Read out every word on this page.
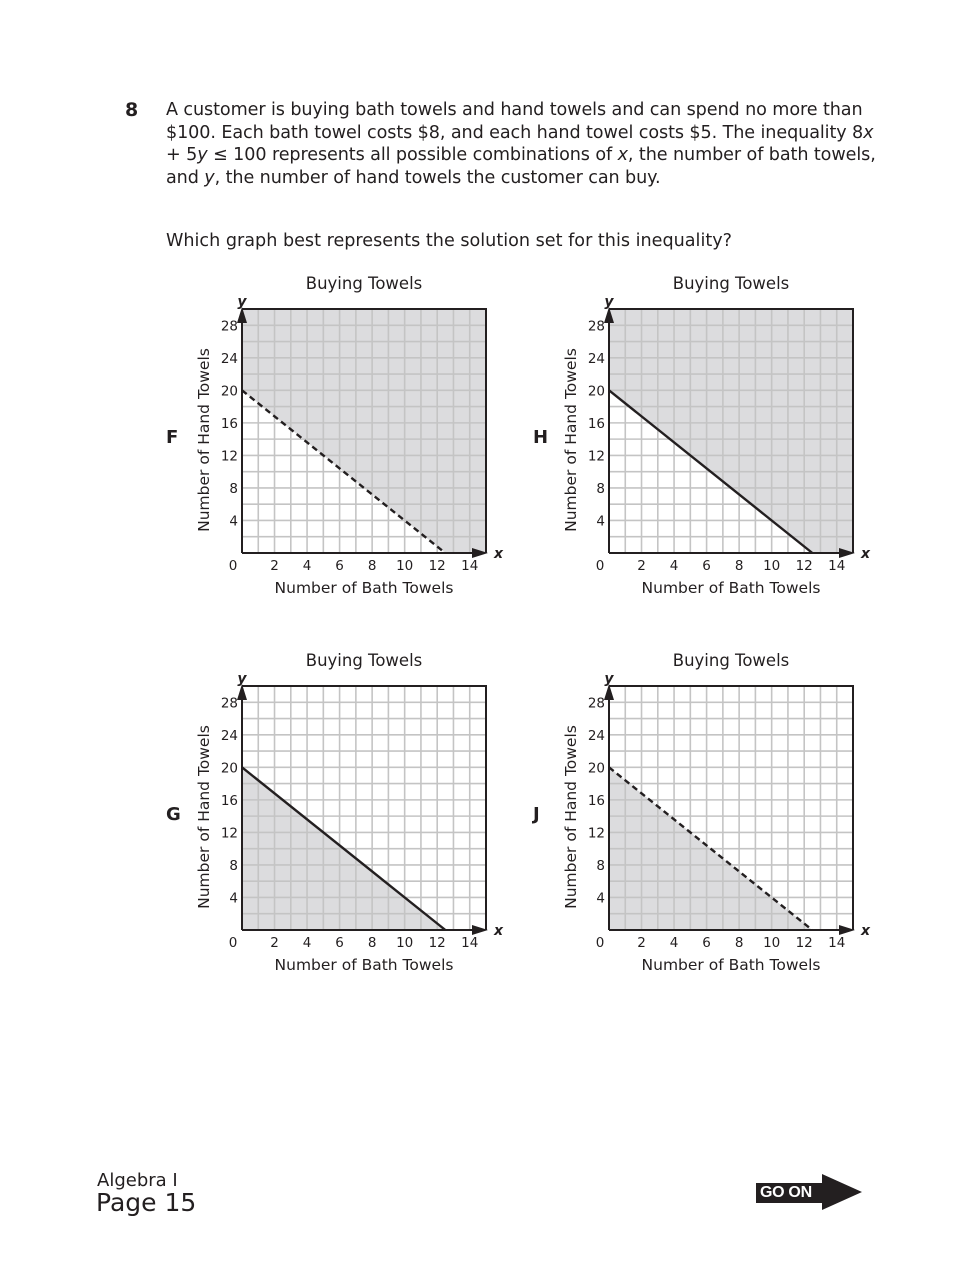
8 A customer is buying bath towels and hand towels and can spend no more than $100. Each bath towel costs $8, and each hand towel costs $5. The inequality 8x + 5y ≤ 100 represents all possible combinations of x, the number of bath towels, and y, the number of hand towels the customer can buy.
Which graph best represents the solution set for this inequality?
0 2 4 6 8 10 12 14
4
8
12
16
20
24
28
x
y
Buying Towels
Number of Bath Towels
Number of Hand Towels
F
0 2 4 6 8 10 12 14
4
8
12
16
20
24
28
x
y
Buying Towels
Number of Bath Towels
Number of Hand Towels
H
0 2 4 6 8 10 12 14
4
8
12
16
20
24
28
x
y
Buying Towels
Number of Bath Towels
Number of Hand Towels
G
0 2 4 6 8 10 12 14
4
8
12
16
20
24
28
x
y
Buying Towels
Number of Bath Towels
Number of Hand Towels
J
Algebra I
Page 15	GO ON
